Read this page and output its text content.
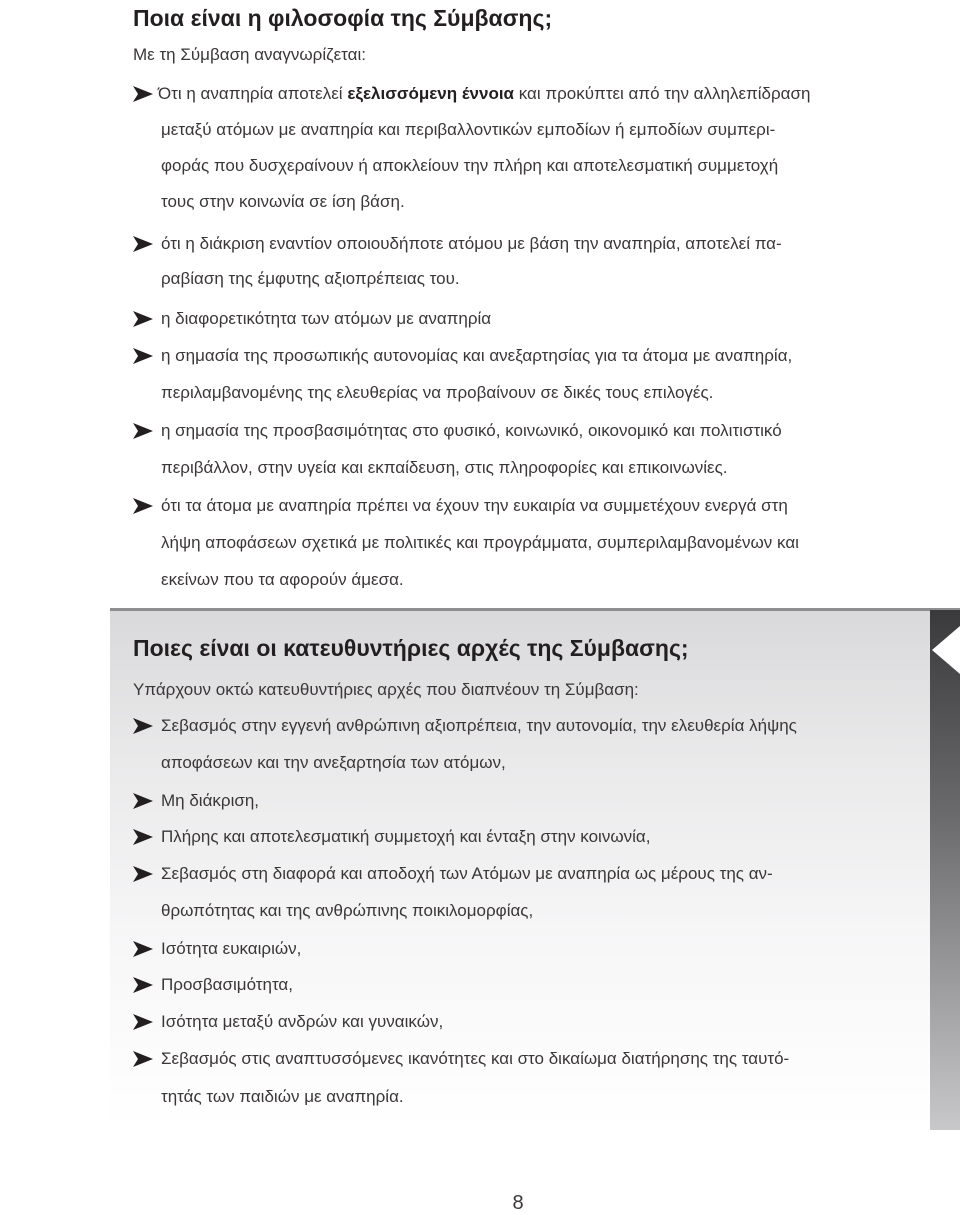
Ποια είναι η φιλοσοφία της Σύμβασης;

Με τη Σύμβαση αναγνωρίζεται:

Ότι η αναπηρία αποτελεί εξελισσόμενη έννοια και προκύπτει από την αλληλεπίδραση
μεταξύ ατόμων με αναπηρία και περιβαλλοντικών εμποδίων ή εμποδίων συμπερι-
φοράς που δυσχεραίνουν ή αποκλείουν την πλήρη και αποτελεσματική συμμετοχή
τους στην κοινωνία σε ίση βάση.
ότι η διάκριση εναντίον οποιουδήποτε ατόμου με βάση την αναπηρία, αποτελεί πα-
ραβίαση της έμφυτης αξιοπρέπειας του.
η διαφορετικότητα των ατόμων με αναπηρία
η σημασία της προσωπικής αυτονομίας και ανεξαρτησίας για τα άτομα με αναπηρία,
περιλαμβανομένης της ελευθερίας να προβαίνουν σε δικές τους επιλογές.
η σημασία της προσβασιμότητας στο φυσικό, κοινωνικό, οικονομικό και πολιτιστικό
περιβάλλον, στην υγεία και εκπαίδευση, στις πληροφορίες και επικοινωνίες.
ότι τα άτομα με αναπηρία πρέπει να έχουν την ευκαιρία να συμμετέχουν ενεργά στη
λήψη αποφάσεων σχετικά με πολιτικές και προγράμματα, συμπεριλαμβανομένων και
εκείνων που τα αφορούν άμεσα.
Ποιες είναι οι κατευθυντήριες αρχές της Σύμβασης;

Υπάρχουν οκτώ κατευθυντήριες αρχές που διαπνέουν τη Σύμβαση:

Σεβασμός στην εγγενή ανθρώπινη αξιοπρέπεια, την αυτονομία, την ελευθερία λήψης
αποφάσεων και την ανεξαρτησία των ατόμων,
Μη διάκριση,
Πλήρης και αποτελεσματική συμμετοχή και ένταξη στην κοινωνία,
Σεβασμός στη διαφορά και αποδοχή των Ατόμων με αναπηρία ως μέρους της αν-
θρωπότητας και της ανθρώπινης ποικιλομορφίας,
Ισότητα ευκαιριών,
Προσβασιμότητα,
Ισότητα μεταξύ ανδρών και γυναικών,
Σεβασμός στις αναπτυσσόμενες ικανότητες και στο δικαίωμα διατήρησης της ταυτό-
τητάς των παιδιών με αναπηρία.
8
